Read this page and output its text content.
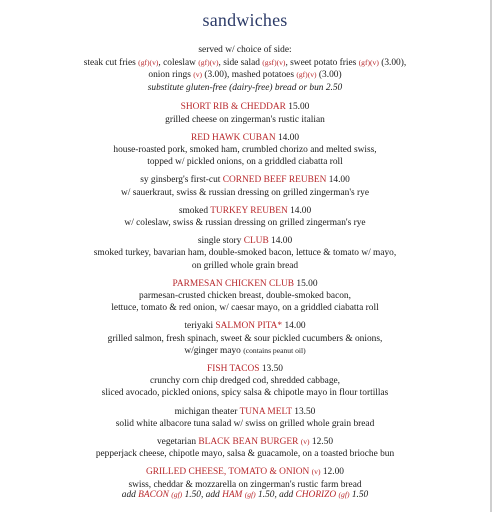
sandwiches
served w/ choice of side:
steak cut fries (gf)(v), coleslaw (gf)(v), side salad (gsf)(v), sweet potato fries (gf)(v) (3.00),
onion rings (v) (3.00), mashed potatoes (gf)(v) (3.00)
substitute gluten-free (dairy-free) bread or bun 2.50
SHORT RIB & CHEDDAR 15.00
grilled cheese on zingerman's rustic italian
RED HAWK CUBAN 14.00
house-roasted pork, smoked ham, crumbled chorizo and melted swiss,
topped w/ pickled onions, on a griddled ciabatta roll
sy ginsberg's first-cut CORNED BEEF REUBEN 14.00
w/ sauerkraut, swiss & russian dressing on grilled zingerman's rye
smoked TURKEY REUBEN 14.00
w/ coleslaw, swiss & russian dressing on grilled zingerman's rye
single story CLUB 14.00
smoked turkey, bavarian ham, double-smoked bacon, lettuce & tomato w/ mayo,
on grilled whole grain bread
PARMESAN CHICKEN CLUB 15.00
parmesan-crusted chicken breast, double-smoked bacon,
lettuce, tomato & red onion, w/ caesar mayo, on a griddled ciabatta roll
teriyaki SALMON PITA* 14.00
grilled salmon, fresh spinach, sweet & sour pickled cucumbers & onions,
w/ginger mayo (contains peanut oil)
FISH TACOS 13.50
crunchy corn chip dredged cod, shredded cabbage,
sliced avocado, pickled onions, spicy salsa & chipotle mayo in flour tortillas
michigan theater TUNA MELT 13.50
solid white albacore tuna salad w/ swiss on grilled whole grain bread
vegetarian BLACK BEAN BURGER (v) 12.50
pepperjack cheese, chipotle mayo, salsa & guacamole, on a toasted brioche bun
GRILLED CHEESE, TOMATO & ONION (v) 12.00
swiss, cheddar & mozzarella on zingerman's rustic farm bread
add BACON (gf) 1.50, add HAM (gf) 1.50, add CHORIZO (gf) 1.50
